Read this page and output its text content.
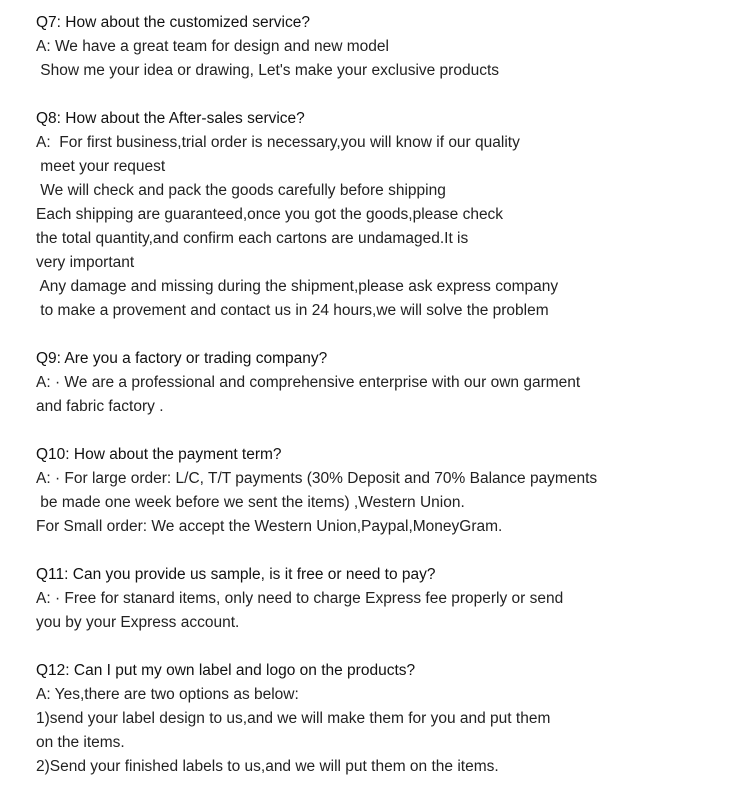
Q7: How about the customized service?
A: We have a great team for design and new model
Show me your idea or drawing, Let's make your exclusive products
Q8: How about the After-sales service?
A:  For first business,trial order is necessary,you will know if our quality
meet your request
We will check and pack the goods carefully before shipping
Each shipping are guaranteed,once you got the goods,please check
the total quantity,and confirm each cartons are undamaged.It is
very important
Any damage and missing during the shipment,please ask express company
to make a provement and contact us in 24 hours,we will solve the problem
Q9: Are you a factory or trading company?
A: · We are a professional and comprehensive enterprise with our own garment
and fabric factory .
Q10: How about the payment term?
A: · For large order: L/C, T/T payments (30% Deposit and 70% Balance payments
be made one week before we sent the items) ,Western Union.
For Small order: We accept the Western Union,Paypal,MoneyGram.
Q11: Can you provide us sample, is it free or need to pay?
A: · Free for stanard items, only need to charge Express fee properly or send
you by your Express account.
Q12: Can I put my own label and logo on the products?
A: Yes,there are two options as below:
1)send your label design to us,and we will make them for you and put them
on the items.
2)Send your finished labels to us,and we will put them on the items.
